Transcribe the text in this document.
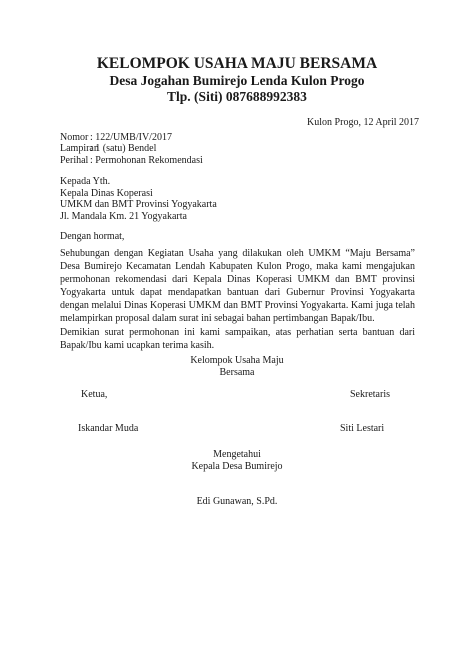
KELOMPOK USAHA MAJU BERSAMA
Desa Jogahan Bumirejo Lenda Kulon Progo
Tlp. (Siti) 087688992383
Kulon Progo, 12 April 2017
Nomor : 122/UMB/IV/2017
Lampiran
: 1 (satu) Bendel
Perihal : Permohonan Rekomendasi
Kepada Yth.
Kepala Dinas Koperasi
UMKM dan BMT Provinsi Yogyakarta
Jl. Mandala Km. 21 Yogyakarta
Dengan hormat,
Sehubungan dengan Kegiatan Usaha yang dilakukan oleh UMKM “Maju Bersama” Desa Bumirejo Kecamatan Lendah Kabupaten Kulon Progo, maka kami mengajukan permohonan rekomendasi dari Kepala Dinas Koperasi UMKM dan BMT provinsi Yogyakarta untuk dapat mendapatkan bantuan dari Gubernur Provinsi Yogyakarta dengan melalui Dinas Koperasi UMKM dan BMT Provinsi Yogyakarta. Kami juga telah melampirkan proposal dalam surat ini sebagai bahan pertimbangan Bapak/Ibu.
Demikian surat permohonan ini kami sampaikan, atas perhatian serta bantuan dari Bapak/Ibu kami ucapkan terima kasih.
Kelompok Usaha Maju
Bersama
Ketua,	Sekretaris
Iskandar Muda	Siti Lestari
Mengetahui
Kepala Desa Bumirejo
Edi Gunawan, S.Pd.
